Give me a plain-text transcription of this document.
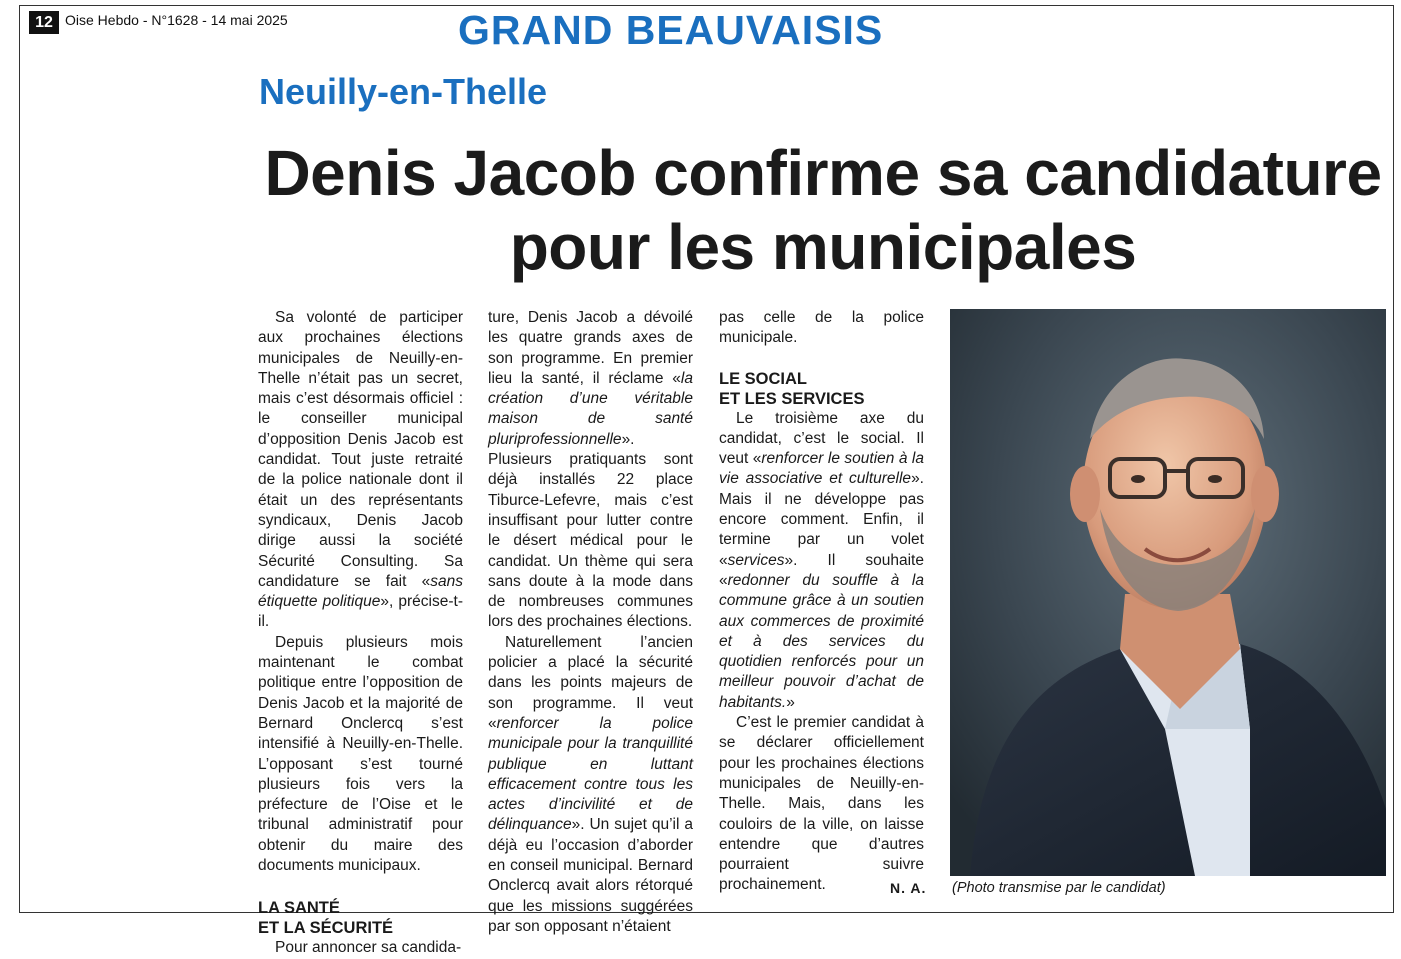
12 Oise Hebdo - N°1628 - 14 mai 2025	GRAND BEAUVAISIS
Neuilly-en-Thelle
Denis Jacob confirme sa candidature pour les municipales

Sa volonté de participer aux prochaines élections municipales de Neuilly-en-Thelle n’était pas un secret, mais c’est désormais officiel : le conseiller municipal d’opposition Denis Jacob est candidat. Tout juste retraité de la police nationale dont il était un des représentants syndicaux, Denis Jacob dirige aussi la société Sécurité Consulting. Sa candidature se fait «sans étiquette politique», précise-t-il.

Depuis plusieurs mois maintenant le combat politique entre l’opposition de Denis Jacob et la majorité de Bernard Onclercq s’est intensifié à Neuilly-en-Thelle. L’opposant s’est tourné plusieurs fois vers la préfecture de l’Oise et le tribunal administratif pour obtenir du maire des documents municipaux.

LA SANTÉ
ET LA SÉCURITÉ

Pour annoncer sa candida-

ture, Denis Jacob a dévoilé les quatre grands axes de son programme. En premier lieu la santé, il réclame «la création d’une véritable maison de santé pluriprofessionnelle». Plusieurs pratiquants sont déjà installés 22 place Tiburce-Lefevre, mais c’est insuffisant pour lutter contre le désert médical pour le candidat. Un thème qui sera sans doute à la mode dans de nombreuses communes lors des prochaines élections.

Naturellement l’ancien policier a placé la sécurité dans les points majeurs de son programme. Il veut «renforcer la police municipale pour la tranquillité publique en luttant efficacement contre tous les actes d’incivilité et de délinquance». Un sujet qu’il a déjà eu l’occasion d’aborder en conseil municipal. Bernard Onclercq avait alors rétorqué que les missions suggérées par son opposant n’étaient

pas celle de la police municipale.

LE SOCIAL
ET LES SERVICES

Le troisième axe du candidat, c’est le social. Il veut «renforcer le soutien à la vie associative et culturelle». Mais il ne développe pas encore comment. Enfin, il termine par un volet «services». Il souhaite «redonner du souffle à la commune grâce à un soutien aux commerces de proximité et à des services du quotidien renforcés pour un meilleur pouvoir d’achat de habitants.»

C’est le premier candidat à se déclarer officiellement pour les prochaines élections municipales de Neuilly-en-Thelle. Mais, dans les couloirs de la ville, on laisse entendre que d’autres pourraient suivre prochainement.	N. A. (Photo transmise par le candidat)
